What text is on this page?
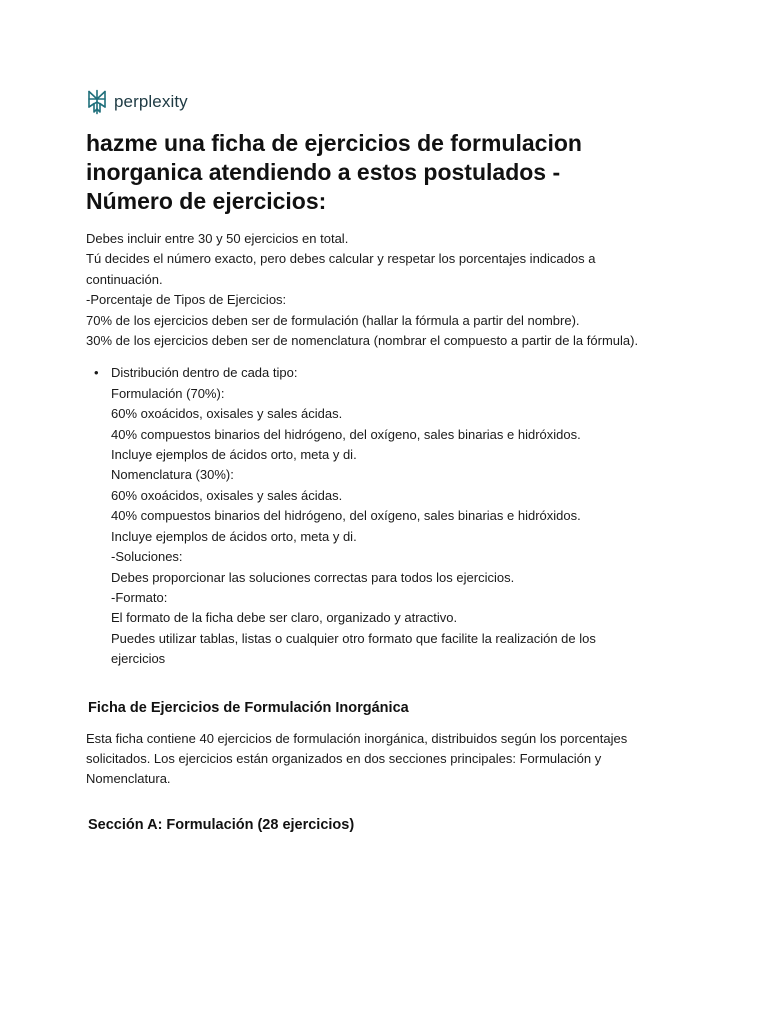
perplexity
hazme una ficha de ejercicios de formulacion
inorganica atendiendo a estos postulados -
Número de ejercicios:
Debes incluir entre 30 y 50 ejercicios en total.
Tú decides el número exacto, pero debes calcular y respetar los porcentajes indicados a
continuación.
-Porcentaje de Tipos de Ejercicios:
70% de los ejercicios deben ser de formulación (hallar la fórmula a partir del nombre).
30% de los ejercicios deben ser de nomenclatura (nombrar el compuesto a partir de la fórmula).
• Distribución dentro de cada tipo:
Formulación (70%):
60% oxoácidos, oxisales y sales ácidas.
40% compuestos binarios del hidrógeno, del oxígeno, sales binarias e hidróxidos.
Incluye ejemplos de ácidos orto, meta y di.
Nomenclatura (30%):
60% oxoácidos, oxisales y sales ácidas.
40% compuestos binarios del hidrógeno, del oxígeno, sales binarias e hidróxidos.
Incluye ejemplos de ácidos orto, meta y di.
-Soluciones:
Debes proporcionar las soluciones correctas para todos los ejercicios.
-Formato:
El formato de la ficha debe ser claro, organizado y atractivo.
Puedes utilizar tablas, listas o cualquier otro formato que facilite la realización de los
ejercicios
Ficha de Ejercicios de Formulación Inorgánica
Esta ficha contiene 40 ejercicios de formulación inorgánica, distribuidos según los porcentajes
solicitados. Los ejercicios están organizados en dos secciones principales: Formulación y
Nomenclatura.
Sección A: Formulación (28 ejercicios)
